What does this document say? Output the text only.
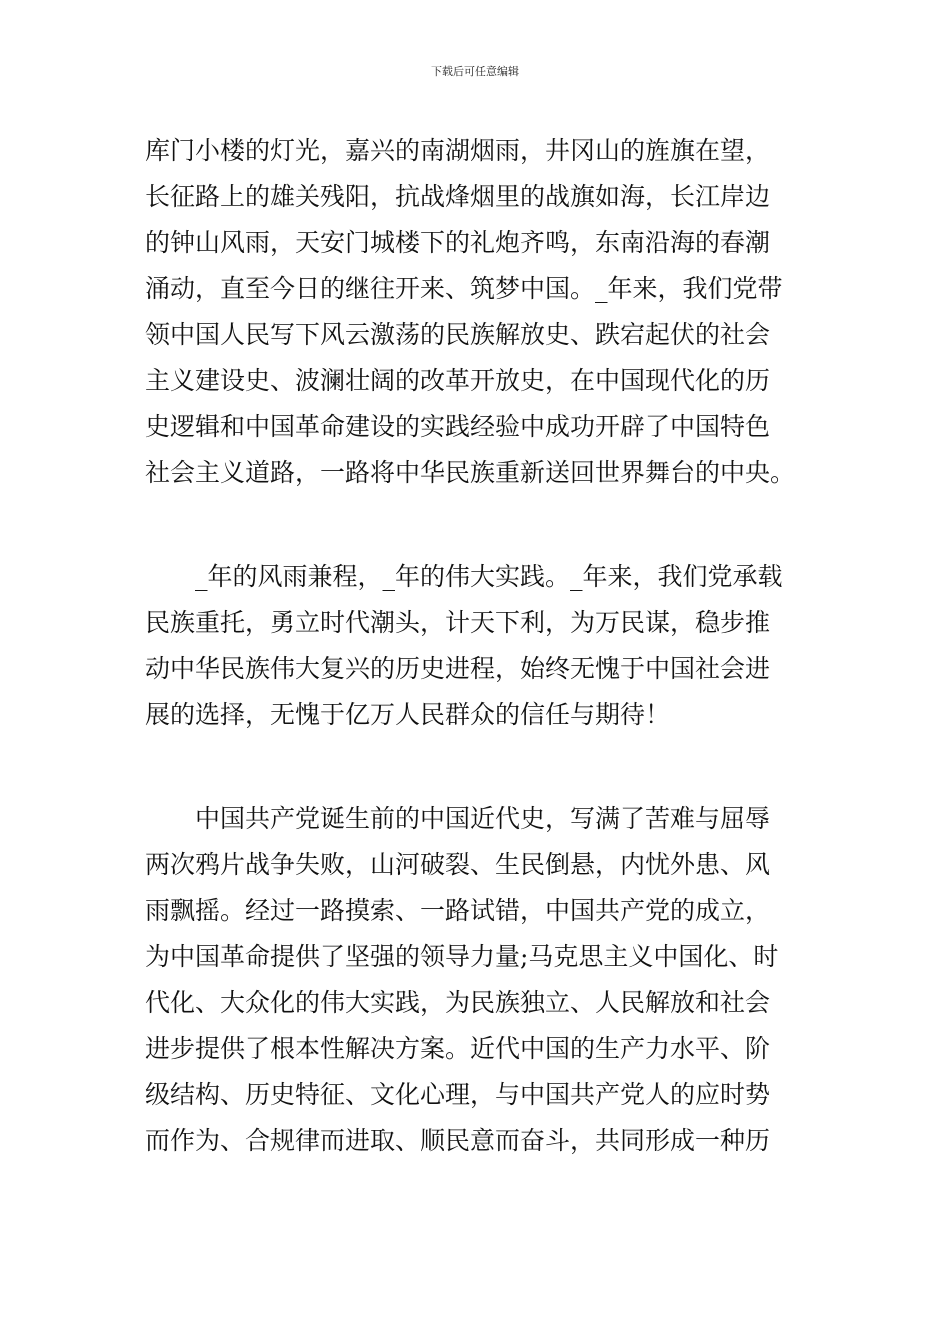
下载后可任意编辑
库门小楼的灯光，嘉兴的南湖烟雨，井冈山的旌旗在望，
长征路上的雄关残阳，抗战烽烟里的战旗如海，长江岸边
的钟山风雨，天安门城楼下的礼炮齐鸣，东南沿海的春潮
涌动，直至今日的继往开来、筑梦中国。_年来，我们党带
领中国人民写下风云激荡的民族解放史、跌宕起伏的社会
主义建设史、波澜壮阔的改革开放史，在中国现代化的历
史逻辑和中国革命建设的实践经验中成功开辟了中国特色
社会主义道路，一路将中华民族重新送回世界舞台的中央。
_年的风雨兼程，_年的伟大实践。_年来，我们党承载
民族重托，勇立时代潮头，计天下利，为万民谋，稳步推
动中华民族伟大复兴的历史进程，始终无愧于中国社会进
展的选择，无愧于亿万人民群众的信任与期待！
中国共产党诞生前的中国近代史，写满了苦难与屈辱
两次鸦片战争失败，山河破裂、生民倒悬，内忧外患、风
雨飘摇。经过一路摸索、一路试错，中国共产党的成立，
为中国革命提供了坚强的领导力量;马克思主义中国化、时
代化、大众化的伟大实践，为民族独立、人民解放和社会
进步提供了根本性解决方案。近代中国的生产力水平、阶
级结构、历史特征、文化心理，与中国共产党人的应时势
而作为、合规律而进取、顺民意而奋斗，共同形成一种历
